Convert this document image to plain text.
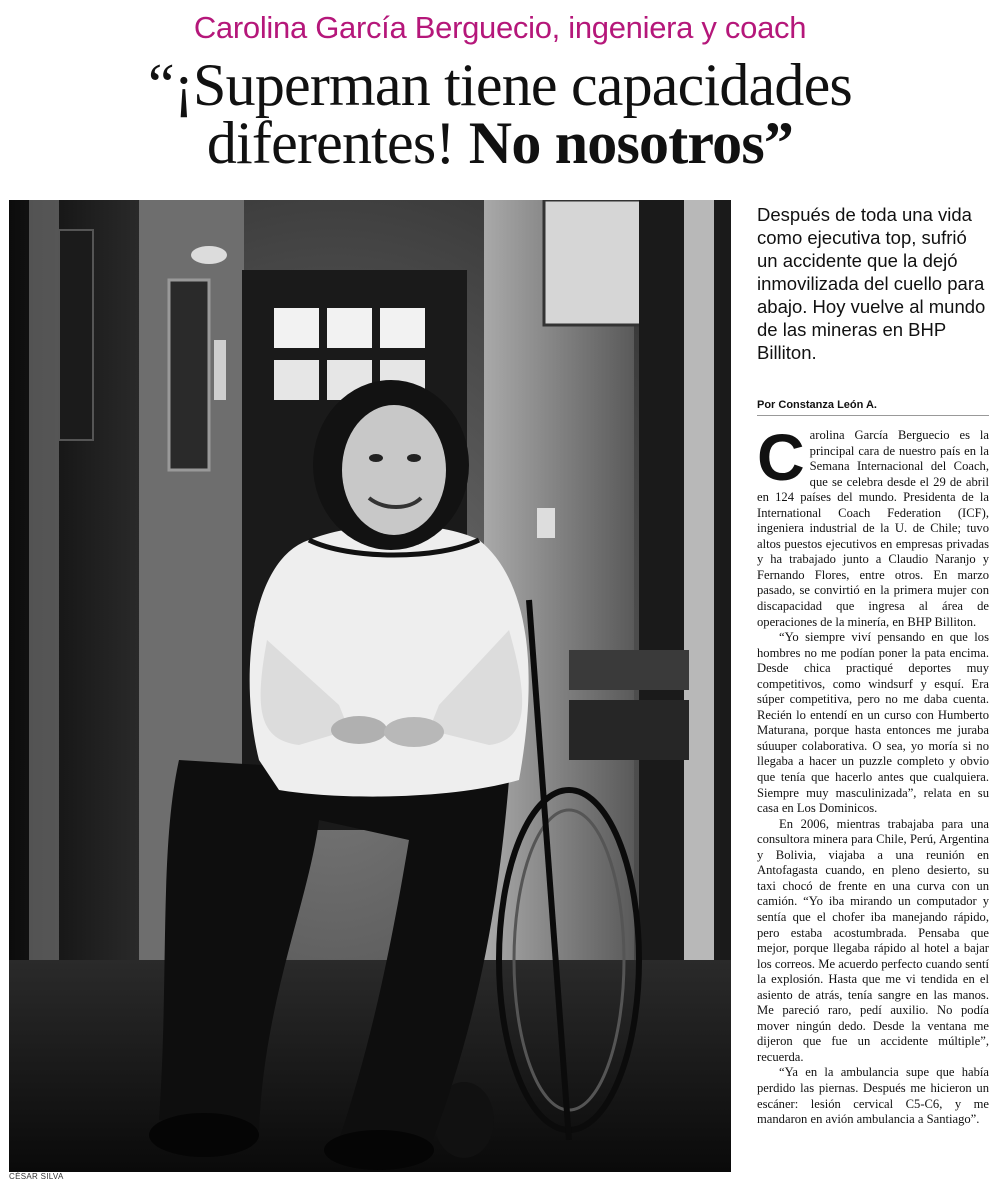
Carolina García Berguecio, ingeniera y coach
“¡Superman tiene capacidades
diferentes! No nosotros”
CÉSAR SILVA
Después de toda una vida como ejecutiva top, sufrió un accidente que la dejó inmovilizada del cuello para abajo. Hoy vuelve al mundo de las mineras en BHP Billiton.
Por Constanza León A.

Carolina García Berguecio es la principal cara de nuestro país en la Semana Internacional del Coach, que se celebra desde el 29 de abril en 124 países del mundo. Presidenta de la International Coach Federation (ICF), ingeniera industrial de la U. de Chile; tuvo altos puestos ejecutivos en empresas privadas y ha trabajado junto a Claudio Naranjo y Fernando Flores, entre otros. En marzo pasado, se convirtió en la primera mujer con discapacidad que ingresa al área de operaciones de la minería, en BHP Billiton.

“Yo siempre viví pensando en que los hombres no me podían poner la pata encima. Desde chica practiqué deportes muy competitivos, como windsurf y esquí. Era súper competitiva, pero no me daba cuenta. Recién lo entendí en un curso con Humberto Maturana, porque hasta entonces me juraba súuuper colaborativa. O sea, yo moría si no llegaba a hacer un puzzle completo y obvio que tenía que hacerlo antes que cualquiera. Siempre muy masculinizada”, relata en su casa en Los Dominicos.

En 2006, mientras trabajaba para una consultora minera para Chile, Perú, Argentina y Bolivia, viajaba a una reunión en Antofagasta cuando, en pleno desierto, su taxi chocó de frente en una curva con un camión. “Yo iba mirando un computador y sentía que el chofer iba manejando rápido, pero estaba acostumbrada. Pensaba que mejor, porque llegaba rápido al hotel a bajar los correos. Me acuerdo perfecto cuando sentí la explosión. Hasta que me vi tendida en el asiento de atrás, tenía sangre en las manos. Me pareció raro, pedí auxilio. No podía mover ningún dedo. Desde la ventana me dijeron que fue un accidente múltiple”, recuerda.

“Ya en la ambulancia supe que había perdido las piernas. Después me hicieron un escáner: lesión cervical C5-C6, y me mandaron en avión ambulancia a Santiago”.
